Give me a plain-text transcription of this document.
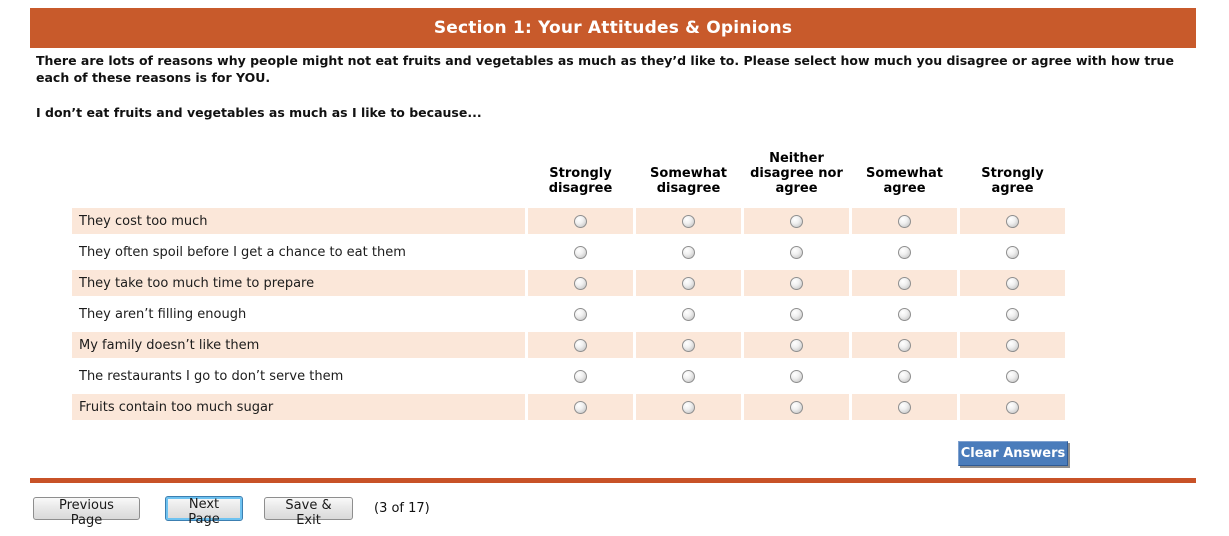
Section 1: Your Attitudes & Opinions

There are lots of reasons why people might not eat fruits and vegetables as much as they’d like to. Please select how much you disagree or agree with how true each of these reasons is for YOU.

I don’t eat fruits and vegetables as much as I like to because...

Strongly disagree
Somewhat disagree
Neither disagree nor agree
Somewhat agree
Strongly agree
They cost too much
They often spoil before I get a chance to eat them
They take too much time to prepare
They aren’t filling enough
My family doesn’t like them
The restaurants I go to don’t serve them
Fruits contain too much sugar
Clear Answers
Previous Page
Next Page
Save & Exit
(3 of 17)
